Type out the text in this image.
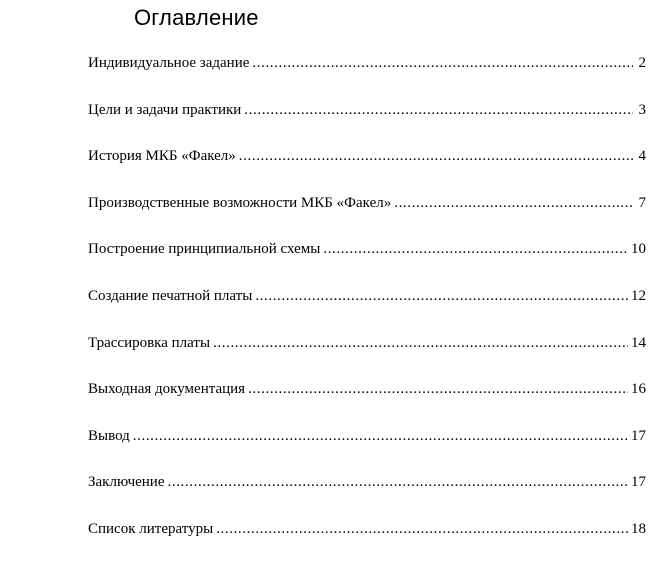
Оглавление
Индивидуальное задание .....	2
Цели и задачи практики .....	3
История МКБ «Факел» .....	4
Производственные возможности МКБ «Факел» .....	7
Построение принципиальной схемы .....	10
Создание печатной платы .....	12
Трассировка платы .....	14
Выходная документация .....	16
Вывод .....	17
Заключение .....	17
Список литературы .....	18
